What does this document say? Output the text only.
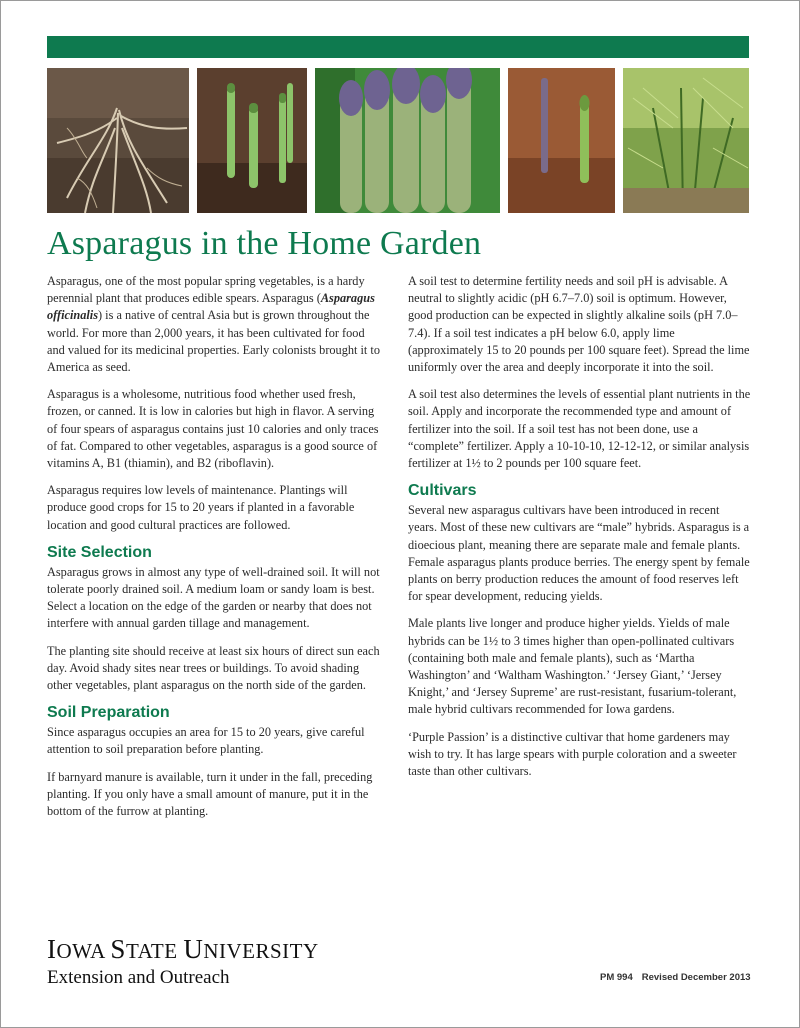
Asparagus in the Home Garden

Asparagus, one of the most popular spring vegetables, is a hardy perennial plant that produces edible spears. Asparagus (Asparagus officinalis) is a native of central Asia but is grown throughout the world. For more than 2,000 years, it has been cultivated for food and valued for its medicinal properties. Early colonists brought it to America as seed.

Asparagus is a wholesome, nutritious food whether used fresh, frozen, or canned. It is low in calories but high in flavor. A serving of four spears of asparagus contains just 10 calories and only traces of fat. Compared to other vegetables, asparagus is a good source of vitamins A, B1 (thiamin), and B2 (riboflavin).

Asparagus requires low levels of maintenance. Plantings will produce good crops for 15 to 20 years if planted in a favorable location and good cultural practices are followed.

Site Selection

Asparagus grows in almost any type of well-drained soil. It will not tolerate poorly drained soil. A medium loam or sandy loam is best. Select a location on the edge of the garden or nearby that does not interfere with annual garden tillage and management.

The planting site should receive at least six hours of direct sun each day. Avoid shady sites near trees or buildings. To avoid shading other vegetables, plant asparagus on the north side of the garden.

Soil Preparation

Since asparagus occupies an area for 15 to 20 years, give careful attention to soil preparation before planting.

If barnyard manure is available, turn it under in the fall, preceding planting. If you only have a small amount of manure, put it in the bottom of the furrow at planting.

A soil test to determine fertility needs and soil pH is advisable. A neutral to slightly acidic (pH 6.7–7.0) soil is optimum. However, good production can be expected in slightly alkaline soils (pH 7.0–7.4). If a soil test indicates a pH below 6.0, apply lime (approximately 15 to 20 pounds per 100 square feet). Spread the lime uniformly over the area and deeply incorporate it into the soil.

A soil test also determines the levels of essential plant nutrients in the soil. Apply and incorporate the recommended type and amount of fertilizer into the soil. If a soil test has not been done, use a “complete” fertilizer. Apply a 10-10-10, 12-12-12, or similar analysis fertilizer at 1½ to 2 pounds per 100 square feet.

Cultivars

Several new asparagus cultivars have been introduced in recent years. Most of these new cultivars are “male” hybrids. Asparagus is a dioecious plant, meaning there are separate male and female plants. Female asparagus plants produce berries. The energy spent by female plants on berry production reduces the amount of food reserves left for spear development, reducing yields.

Male plants live longer and produce higher yields. Yields of male hybrids can be 1½ to 3 times higher than open-pollinated cultivars (containing both male and female plants), such as ‘Martha Washington’ and ‘Waltham Washington.’ ‘Jersey Giant,’ ‘Jersey Knight,’ and ‘Jersey Supreme’ are rust-resistant, fusarium-tolerant, male hybrid cultivars recommended for Iowa gardens.

‘Purple Passion’ is a distinctive cultivar that home gardeners may wish to try. It has large spears with purple coloration and a sweeter taste than other cultivars.

IOWA STATE UNIVERSITY
Extension and Outreach	PM 994 Revised December 2013
